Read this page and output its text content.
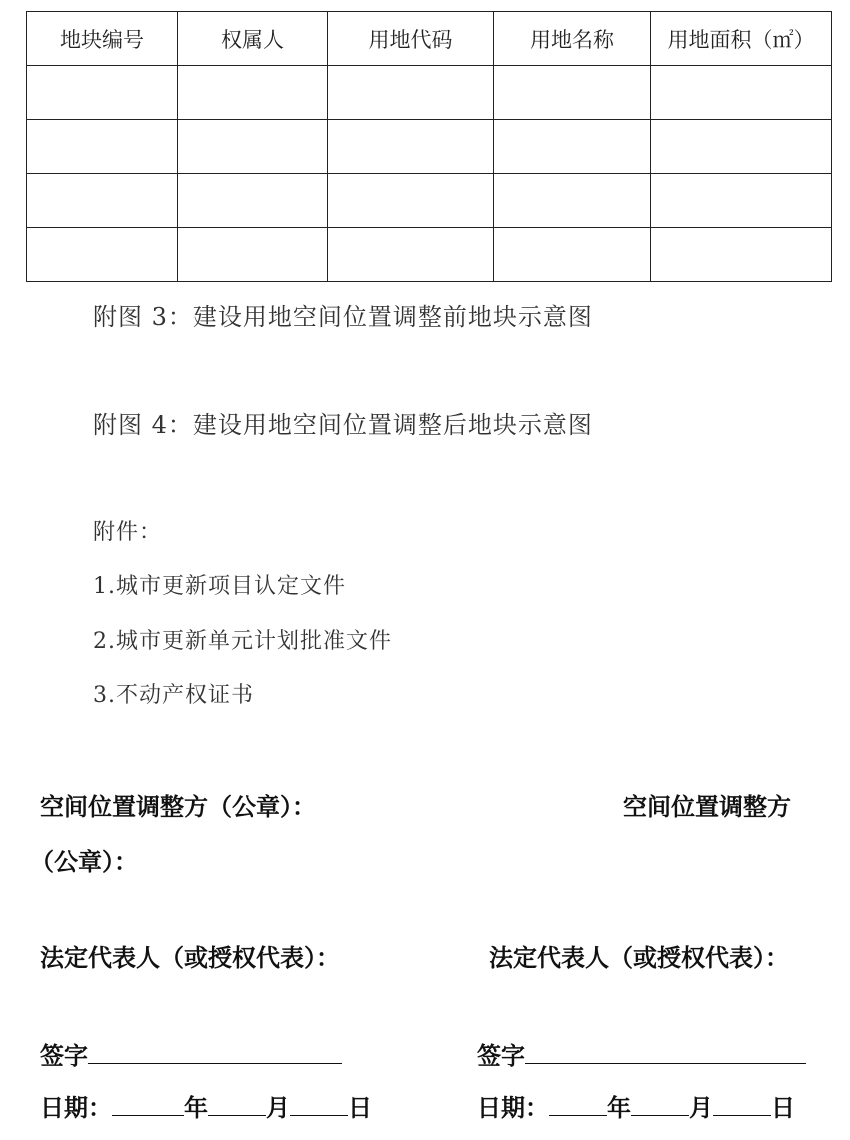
地块编号	权属人	用地代码	用地名称	用地面积（㎡）

附图 3：建设用地空间位置调整前地块示意图
附图 4：建设用地空间位置调整后地块示意图
附件：
1.城市更新项目认定文件
2.城市更新单元计划批准文件
3.不动产权证书
空间位置调整方（公章）：	空间位置调整方
（公章）：
法定代表人（或授权代表）：	法定代表人（或授权代表）：
签字	签字
日期：	年 月 日	日期： 年 月 日
